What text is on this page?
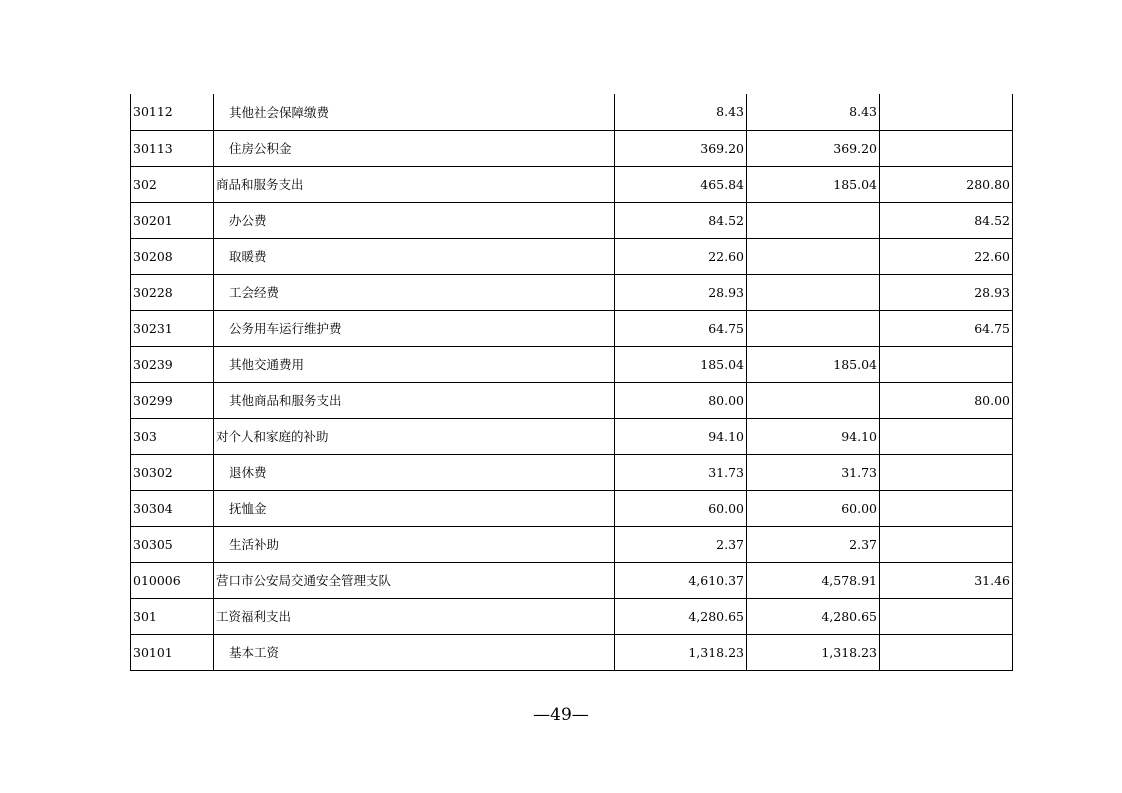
30112	其他社会保障缴费	8.43	8.43	
30113	住房公积金	369.20	369.20	
302	商品和服务支出	465.84	185.04	280.80
30201	办公费	84.52		84.52
30208	取暖费	22.60		22.60
30228	工会经费	28.93		28.93
30231	公务用车运行维护费	64.75		64.75
30239	其他交通费用	185.04	185.04	
30299	其他商品和服务支出	80.00		80.00
303	对个人和家庭的补助	94.10	94.10	
30302	退休费	31.73	31.73	
30304	抚恤金	60.00	60.00	
30305	生活补助	2.37	2.37	
010006	营口市公安局交通安全管理支队	4,610.37	4,578.91	31.46
301	工资福利支出	4,280.65	4,280.65	
30101	基本工资	1,318.23	1,318.23	
—49—
